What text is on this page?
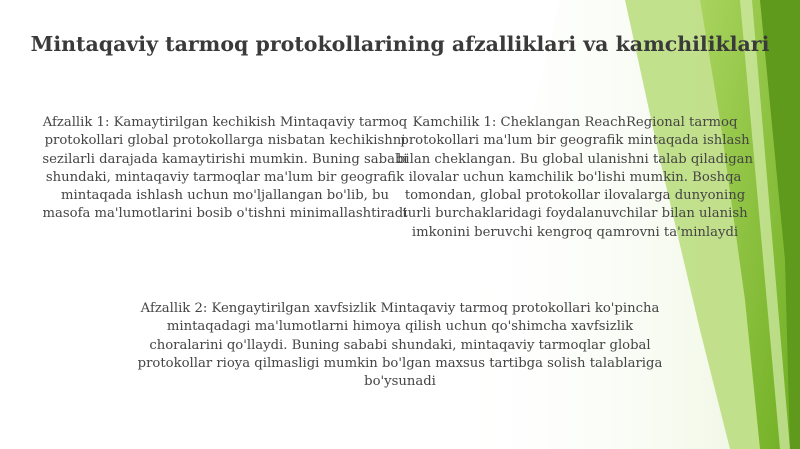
Mintaqaviy tarmoq protokollarining afzalliklari va kamchiliklari

Afzallik 1: Kamaytirilgan kechikish Mintaqaviy tarmoq protokollari global protokollarga nisbatan kechikishni sezilarli darajada kamaytirishi mumkin. Buning sababi shundaki, mintaqaviy tarmoqlar ma'lum bir geografik mintaqada ishlash uchun mo'ljallangan bo'lib, bu masofa ma'lumotlarini bosib o'tishni minimallashtiradi

Kamchilik 1: Cheklangan ReachRegional tarmoq protokollari ma'lum bir geografik mintaqada ishlash bilan cheklangan. Bu global ulanishni talab qiladigan ilovalar uchun kamchilik bo'lishi mumkin. Boshqa tomondan, global protokollar ilovalarga dunyoning turli burchaklaridagi foydalanuvchilar bilan ulanish imkonini beruvchi kengroq qamrovni ta'minlaydi

Afzallik 2: Kengaytirilgan xavfsizlik Mintaqaviy tarmoq protokollari ko'pincha mintaqadagi ma'lumotlarni himoya qilish uchun qo'shimcha xavfsizlik choralarini qo'llaydi. Buning sababi shundaki, mintaqaviy tarmoqlar global protokollar rioya qilmasligi mumkin bo'lgan maxsus tartibga solish talablariga bo'ysunadi
